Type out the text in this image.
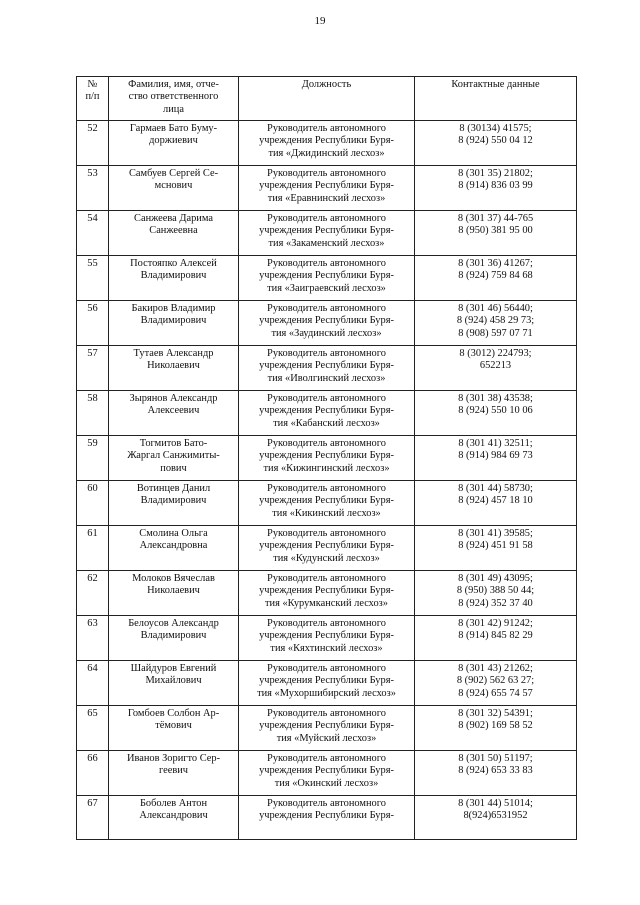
19
№
п/п	Фамилия, имя, отче-
ство ответственного
лица	Должность	Контактные данные
52	Гармаев Бато Буму-
доржиевич	Руководитель автономного
учреждения Республики Буря-
тия «Джидинский лесхоз»	8 (30134) 41575;
8 (924) 550 04 12
53	Самбуев Сергей Се-
мснович	Руководитель автономного
учреждения Республики Буря-
тия «Еравнинский лесхоз»	8 (301 35) 21802;
8 (914) 836 03 99
54	Санжеева Дарима
Санжеевна	Руководитель автономного
учреждения Республики Буря-
тия «Закаменский лесхоз»	8 (301 37) 44-765
8 (950) 381 95 00
55	Постояпко Алексей
Владимирович	Руководитель автономного
учреждения Республики Буря-
тия «Заиграевский лесхоз»	8 (301 36) 41267;
8 (924) 759 84 68
56	Бакиров Владимир
Владимирович	Руководитель автономного
учреждения Республики Буря-
тия «Заудинский лесхоз»	8 (301 46) 56440;
8 (924) 458 29 73;
8 (908) 597 07 71
57	Тутаев Александр
Николаевич	Руководитель автономного
учреждения Республики Буря-
тия «Иволгинский лесхоз»	8 (3012) 224793;
652213
58	Зырянов Александр
Алексеевич	Руководитель автономного
учреждения Республики Буря-
тия «Кабанский лесхоз»	8 (301 38) 43538;
8 (924) 550 10 06
59	Тогмитов Бато-
Жаргал Санжимиты-
пович	Руководитель автономного
учреждения Республики Буря-
тия «Кижингинский лесхоз»	8 (301 41) 32511;
8 (914) 984 69 73
60	Вотинцев Данил
Владимирович	Руководитель автономного
учреждения Республики Буря-
тия «Кикинский лесхоз»	8 (301 44) 58730;
8 (924) 457 18 10
61	Смолина Ольга
Александровна	Руководитель автономного
учреждения Республики Буря-
тия «Кудунский лесхоз»	8 (301 41) 39585;
8 (924) 451 91 58
62	Молоков Вячеслав
Николаевич	Руководитель автономного
учреждения Республики Буря-
тия «Курумканский лесхоз»	8 (301 49) 43095;
8 (950) 388 50 44;
8 (924) 352 37 40
63	Белоусов Александр
Владимирович	Руководитель автономного
учреждения Республики Буря-
тия «Кяхтинский лесхоз»	8 (301 42) 91242;
8 (914) 845 82 29
64	Шайдуров Евгений
Михайлович	Руководитель автономного
учреждения Республики Буря-
тия «Мухоршибирский лесхоз»	8 (301 43) 21262;
8 (902) 562 63 27;
8 (924) 655 74 57
65	Гомбоев Солбон Ар-
тёмович	Руководитель автономного
учреждения Республики Буря-
тия «Муйский лесхоз»	8 (301 32) 54391;
8 (902) 169 58 52
66	Иванов Зоригто Сер-
геевич	Руководитель автономного
учреждения Республики Буря-
тия «Окинский лесхоз»	8 (301 50) 51197;
8 (924) 653 33 83
67	Боболев Антон
Александрович	Руководитель автономного
учреждения Республики Буря-	8 (301 44) 51014;
8(924)6531952
